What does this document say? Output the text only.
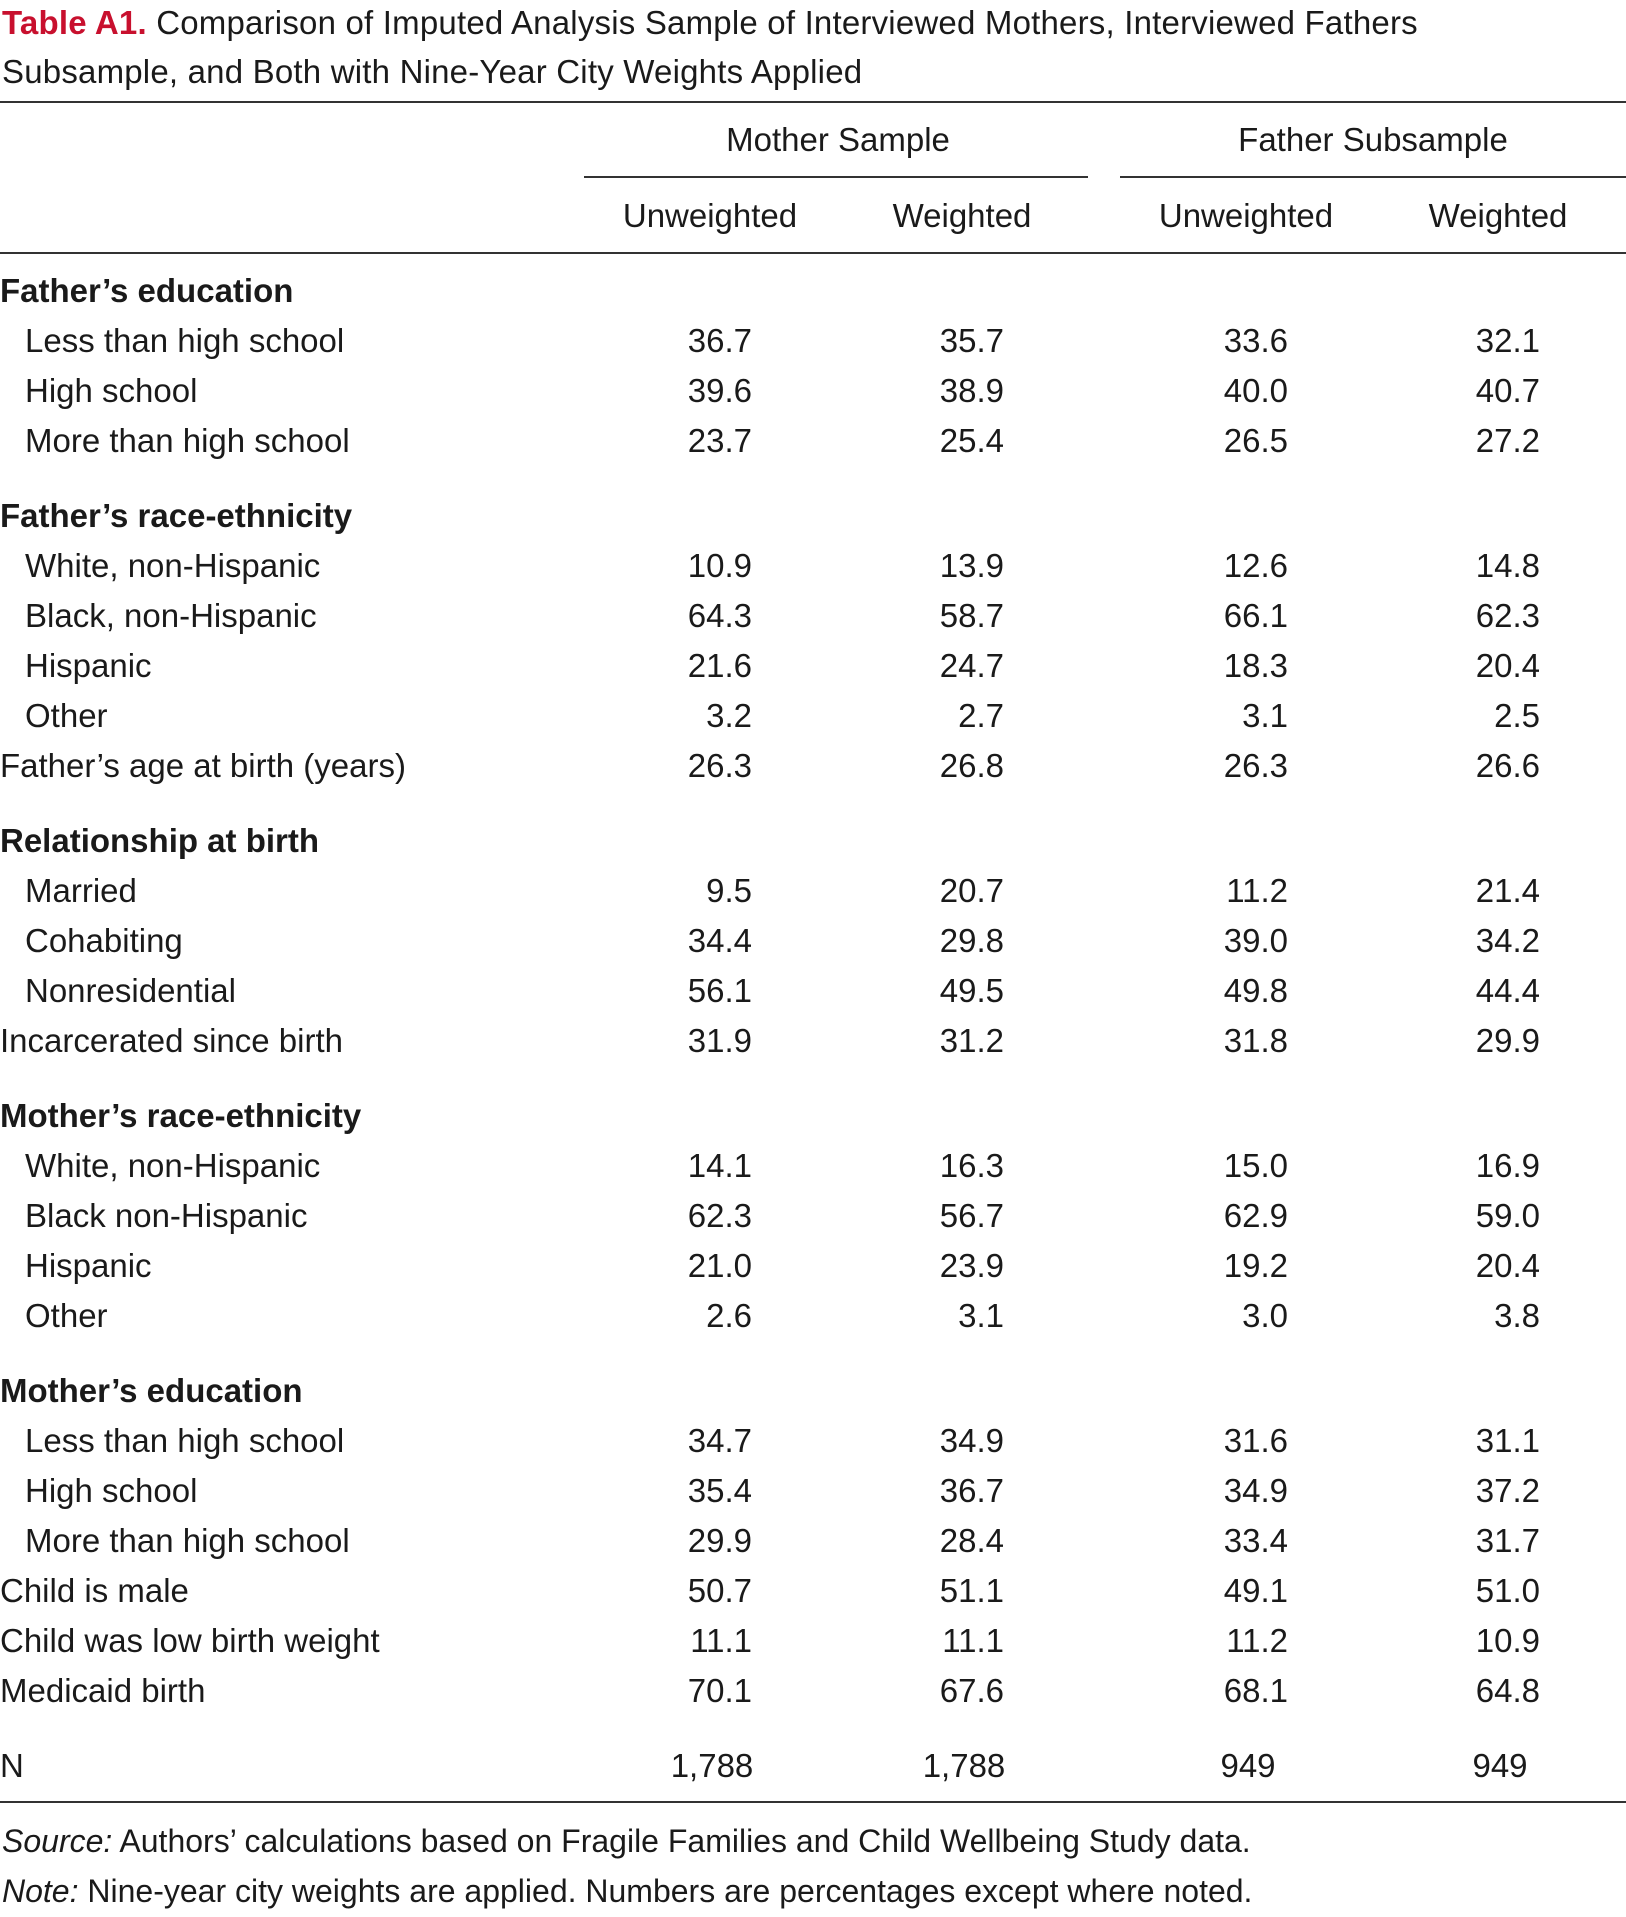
Table A1. Comparison of Imputed Analysis Sample of Interviewed Mothers, Interviewed Fathers Subsample, and Both with Nine-Year City Weights Applied
Mother Sample	Father Subsample
Unweighted	Weighted	Unweighted	Weighted
Father’s education
Less than high school	36.7	35.7	33.6	32.1
High school	39.6	38.9	40.0	40.7
More than high school	23.7	25.4	26.5	27.2
Father’s race-ethnicity
White, non-Hispanic	10.9	13.9	12.6	14.8
Black, non-Hispanic	64.3	58.7	66.1	62.3
Hispanic	21.6	24.7	18.3	20.4
Other	3.2	2.7	3.1	2.5
Father’s age at birth (years)	26.3	26.8	26.3	26.6
Relationship at birth
Married	9.5	20.7	11.2	21.4
Cohabiting	34.4	29.8	39.0	34.2
Nonresidential	56.1	49.5	49.8	44.4
Incarcerated since birth	31.9	31.2	31.8	29.9
Mother’s race-ethnicity
White, non-Hispanic	14.1	16.3	15.0	16.9
Black non-Hispanic	62.3	56.7	62.9	59.0
Hispanic	21.0	23.9	19.2	20.4
Other	2.6	3.1	3.0	3.8
Mother’s education
Less than high school	34.7	34.9	31.6	31.1
High school	35.4	36.7	34.9	37.2
More than high school	29.9	28.4	33.4	31.7
Child is male	50.7	51.1	49.1	51.0
Child was low birth weight	11.1	11.1	11.2	10.9
Medicaid birth	70.1	67.6	68.1	64.8
N	1,788	1,788	949	949
Source: Authors’ calculations based on Fragile Families and Child Wellbeing Study data.
Note: Nine-year city weights are applied. Numbers are percentages except where noted.
